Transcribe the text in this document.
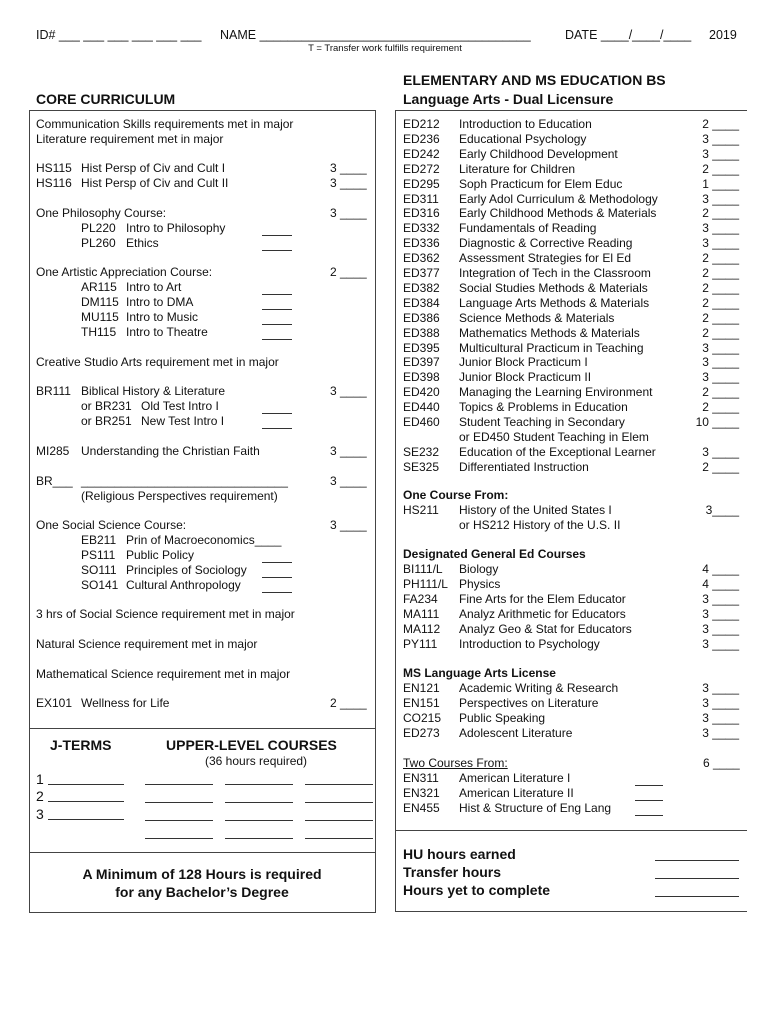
ID# ___ ___ ___ ___ ___ ___ NAME _______________________________________	DATE ____/____/____ 2019
T = Transfer work fulfills requirement
CORE CURRICULUM
ELEMENTARY AND MS EDUCATION BS
Language Arts - Dual Licensure
Communication Skills requirements met in major
Literature requirement met in major
HS115 Hist Persp of Civ and Cult I	3 ____
HS116 Hist Persp of Civ and Cult II	3 ____
One Philosophy Course:	3 ____
PL220 Intro to Philosophy
PL260 Ethics
One Artistic Appreciation Course:	2 ____
AR115 Intro to Art
DM115 Intro to DMA
MU115 Intro to Music
TH115 Intro to Theatre
Creative Studio Arts requirement met in major
BR111 Biblical History & Literature	3 ____
or BR231 Old Test Intro I
or BR251 New Test Intro I
MI285 Understanding the Christian Faith	3 ____
BR___ _______________________________	3 ____
(Religious Perspectives requirement)
One Social Science Course:	3 ____
EB211 Prin of Macroeconomics____
PS111 Public Policy
SO111 Principles of Sociology
SO141 Cultural Anthropology
3 hrs of Social Science requirement met in major
Natural Science requirement met in major
Mathematical Science requirement met in major
EX101 Wellness for Life	2 ____
J-TERMS	UPPER-LEVEL COURSES
(36 hours required)
1
2
3
A Minimum of 128 Hours is required
for any Bachelor’s Degree
ED212 Introduction to Education	2 ____
ED236 Educational Psychology	3 ____
ED242 Early Childhood Development	3 ____
ED272 Literature for Children	2 ____
ED295 Soph Practicum for Elem Educ	1 ____
ED311 Early Adol Curriculum & Methodology	3 ____
ED316 Early Childhood Methods & Materials	2 ____
ED332 Fundamentals of Reading	3 ____
ED336 Diagnostic & Corrective Reading	3 ____
ED362 Assessment Strategies for El Ed	2 ____
ED377 Integration of Tech in the Classroom	2 ____
ED382 Social Studies Methods & Materials	2 ____
ED384 Language Arts Methods & Materials	2 ____
ED386 Science Methods & Materials	2 ____
ED388 Mathematics Methods & Materials	2 ____
ED395 Multicultural Practicum in Teaching	3 ____
ED397 Junior Block Practicum I	3 ____
ED398 Junior Block Practicum II	3 ____
ED420 Managing the Learning Environment	2 ____
ED440 Topics & Problems in Education	2 ____
ED460 Student Teaching in Secondary	10 ____
or ED450 Student Teaching in Elem
SE232 Education of the Exceptional Learner	3 ____
SE325 Differentiated Instruction	2 ____
One Course From:
HS211 History of the United States I	3____
or HS212 History of the U.S. II
Designated General Ed Courses
BI111/L Biology	4 ____
PH111/L Physics	4 ____
FA234 Fine Arts for the Elem Educator	3 ____
MA111 Analyz Arithmetic for Educators	3 ____
MA112 Analyz Geo & Stat for Educators	3 ____
PY111 Introduction to Psychology	3 ____
MS Language Arts License
EN121 Academic Writing & Research	3 ____
EN151 Perspectives on Literature	3 ____
CO215 Public Speaking	3 ____
ED273 Adolescent Literature	3 ____
Two Courses From:	6 ____
EN311 American Literature I
EN321 American Literature II
EN455 Hist & Structure of Eng Lang
HU hours earned
Transfer hours
Hours yet to complete
